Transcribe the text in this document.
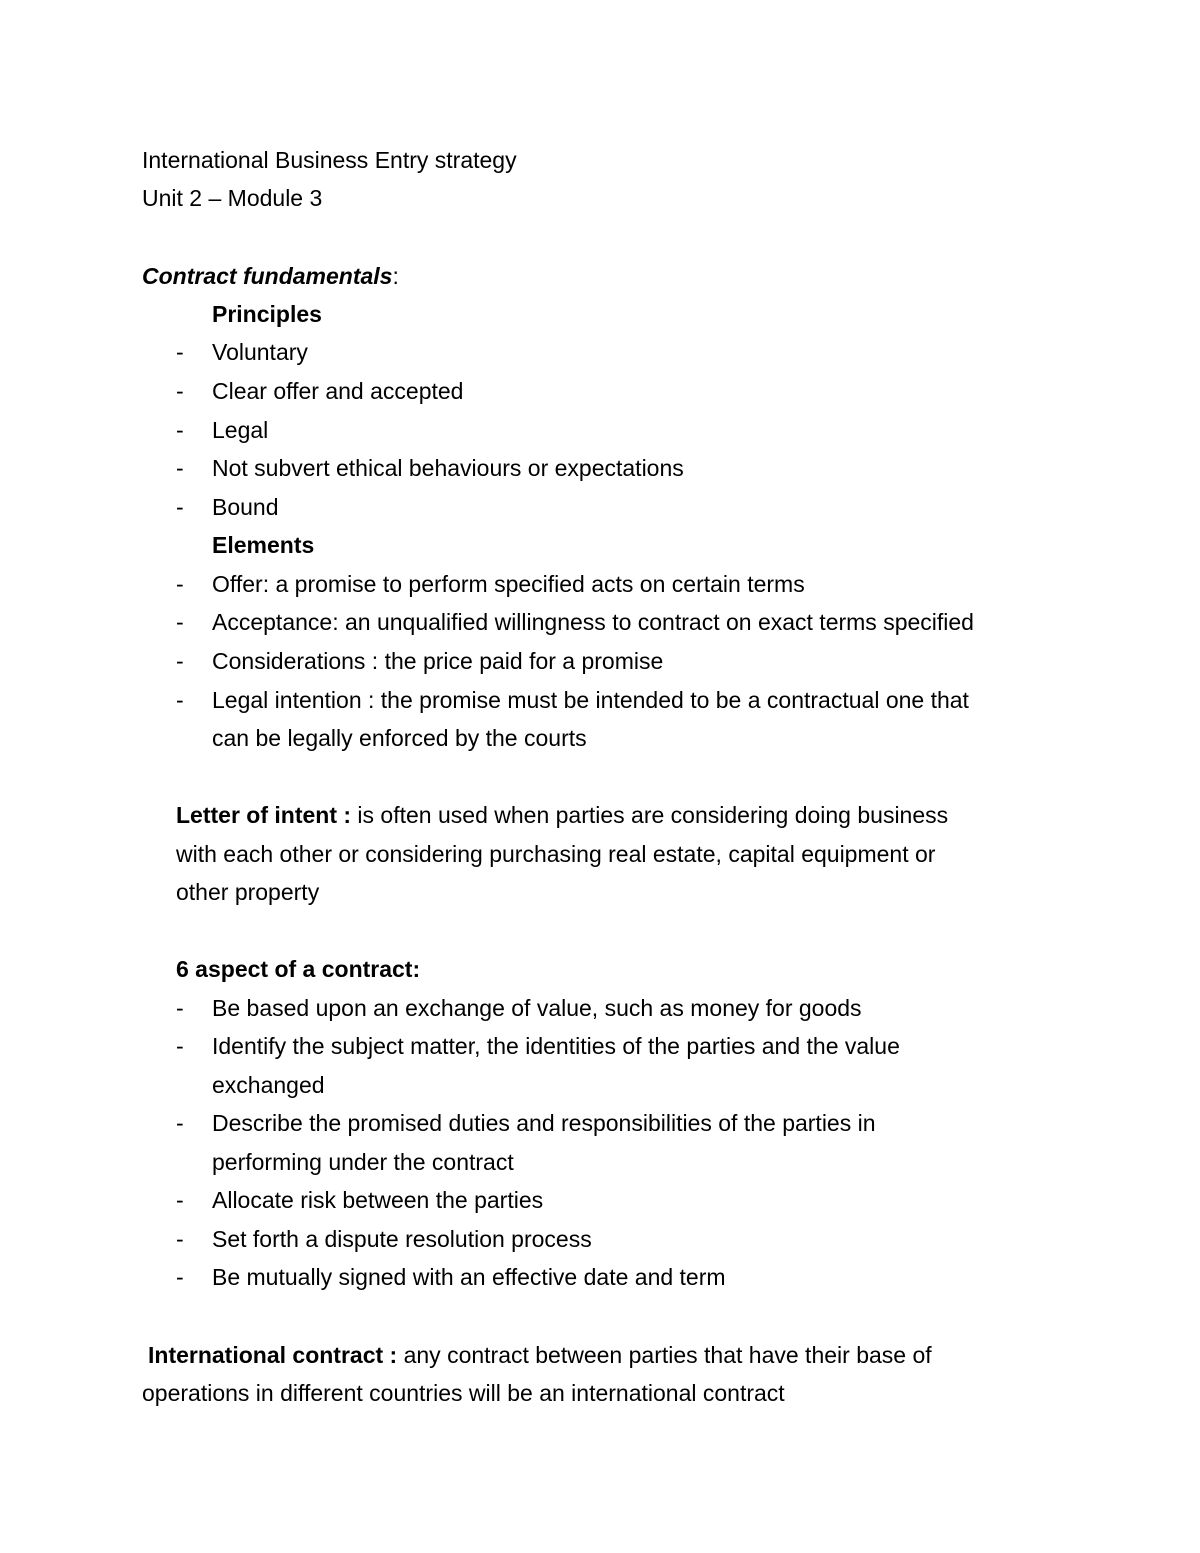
International Business Entry strategy
Unit 2 – Module 3
Contract fundamentals:
Principles
- Voluntary
- Clear offer and accepted
- Legal
- Not subvert ethical behaviours or expectations
- Bound
Elements
- Offer: a promise to perform specified acts on certain terms
- Acceptance: an unqualified willingness to contract on exact terms specified
- Considerations : the price paid for a promise
- Legal intention : the promise must be intended to be a contractual one that
can be legally enforced by the courts
Letter of intent : is often used when parties are considering doing business
with each other or considering purchasing real estate, capital equipment or
other property
6 aspect of a contract:
- Be based upon an exchange of value, such as money for goods
- Identify the subject matter, the identities of the parties and the value
exchanged
- Describe the promised duties and responsibilities of the parties in
performing under the contract
- Allocate risk between the parties
- Set forth a dispute resolution process
- Be mutually signed with an effective date and term
International contract : any contract between parties that have their base of
operations in different countries will be an international contract
